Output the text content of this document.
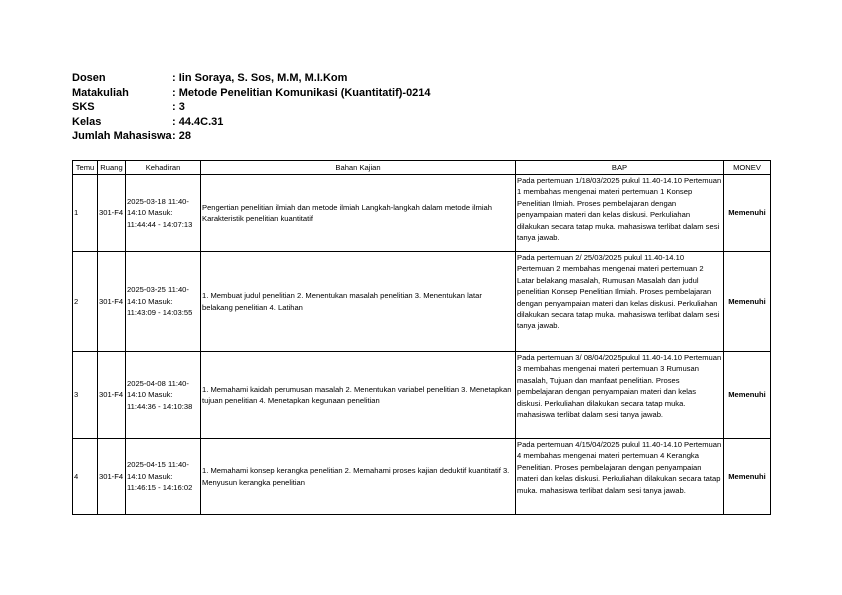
Dosen	: Iin Soraya, S. Sos, M.M, M.I.Kom
Matakuliah	: Metode Penelitian Komunikasi (Kuantitatif)-0214
SKS	: 3
Kelas	: 44.4C.31
Jumlah Mahasiswa : 28
Temu	Ruang	Kehadiran	Bahan Kajian	BAP	MONEV
1	301-F4	2025-03-18 11:40-14:10 Masuk: 11:44:44 - 14:07:13	Pengertian penelitian ilmiah dan metode ilmiah Langkah-langkah dalam metode ilmiah Karakteristik penelitian kuantitatif	Pada pertemuan 1/18/03/2025 pukul 11.40-14.10 Pertemuan 1 membahas mengenai materi pertemuan 1 Konsep Penelitian Ilmiah. Proses pembelajaran dengan penyampaian materi dan kelas diskusi. Perkuliahan dilakukan secara tatap muka. mahasiswa terlibat dalam sesi tanya jawab.	Memenuhi
2	301-F4	2025-03-25 11:40-14:10 Masuk: 11:43:09 - 14:03:55	1. Membuat judul penelitian 2. Menentukan masalah penelitian 3. Menentukan latar belakang penelitian 4. Latihan	Pada pertemuan 2/ 25/03/2025 pukul 11.40-14.10 Pertemuan 2 membahas mengenai materi pertemuan 2 Latar belakang masalah, Rumusan Masalah dan judul penelitian Konsep Penelitian Ilmiah. Proses pembelajaran dengan penyampaian materi dan kelas diskusi. Perkuliahan dilakukan secara tatap muka. mahasiswa terlibat dalam sesi tanya jawab.	Memenuhi
3	301-F4	2025-04-08 11:40-14:10 Masuk: 11:44:36 - 14:10:38	1. Memahami kaidah perumusan masalah 2. Menentukan variabel penelitian 3. Menetapkan tujuan penelitian 4. Menetapkan kegunaan penelitian	Pada pertemuan 3/ 08/04/2025pukul 11.40-14.10 Pertemuan 3 membahas mengenai materi pertemuan 3 Rumusan masalah, Tujuan dan manfaat penelitian. Proses pembelajaran dengan penyampaian materi dan kelas diskusi. Perkuliahan dilakukan secara tatap muka. mahasiswa terlibat dalam sesi tanya jawab.	Memenuhi
4	301-F4	2025-04-15 11:40-14:10 Masuk: 11:46:15 - 14:16:02	1. Memahami konsep kerangka penelitian 2. Memahami proses kajian deduktif kuantitatif 3. Menyusun kerangka penelitian	Pada pertemuan 4/15/04/2025 pukul 11.40-14.10 Pertemuan 4 membahas mengenai materi pertemuan 4 Kerangka Penelitian. Proses pembelajaran dengan penyampaian materi dan kelas diskusi. Perkuliahan dilakukan secara tatap muka. mahasiswa terlibat dalam sesi tanya jawab.	Memenuhi
